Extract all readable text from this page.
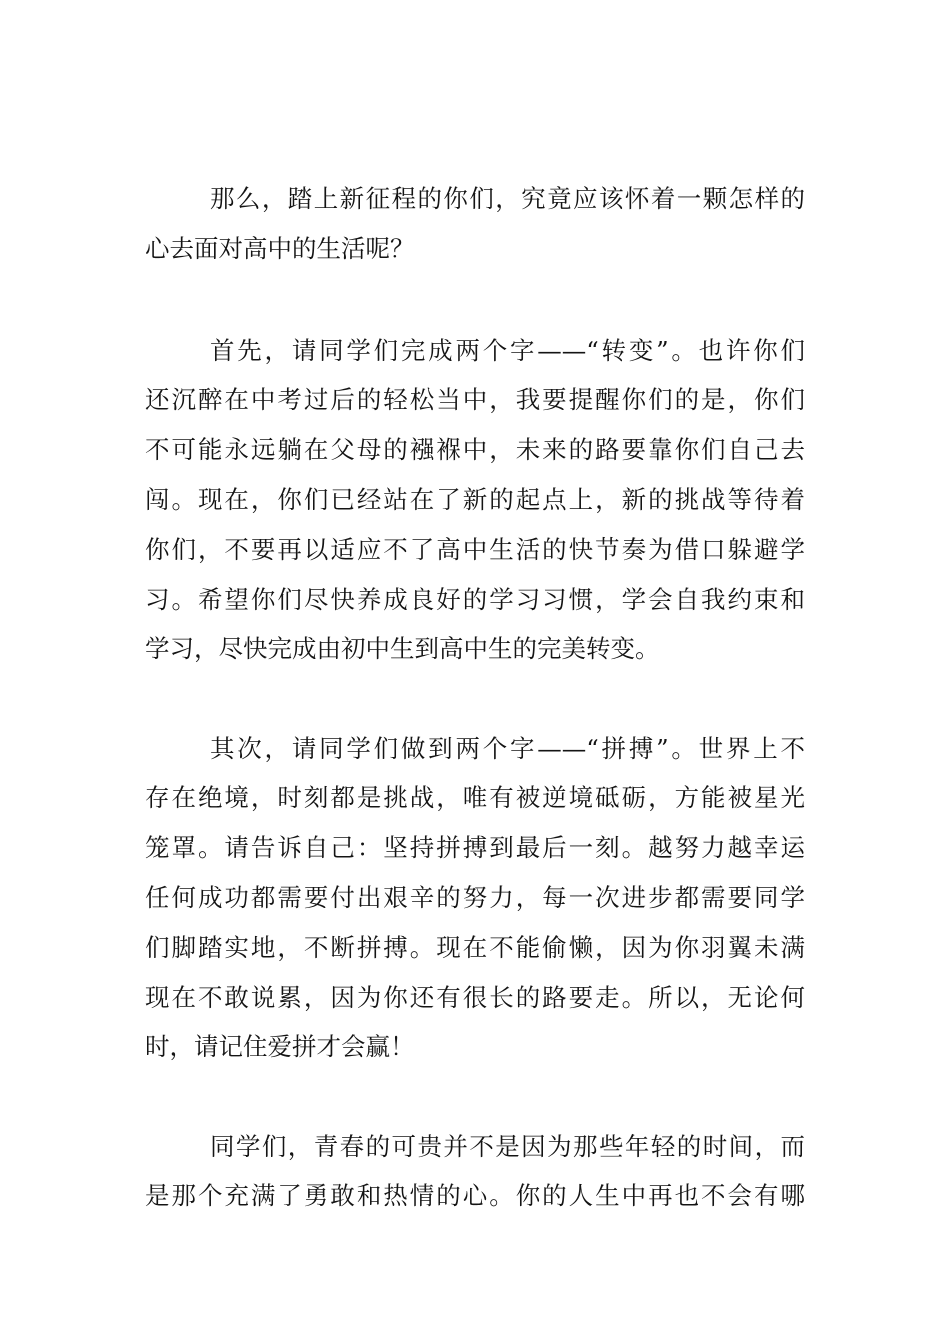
那么，踏上新征程的你们，究竟应该怀着一颗怎样的

心去面对高中的生活呢？

首先，请同学们完成两个字——“转变”。也许你们

还沉醉在中考过后的轻松当中，我要提醒你们的是，你们

不可能永远躺在父母的襁褓中，未来的路要靠你们自己去

闯。现在，你们已经站在了新的起点上，新的挑战等待着

你们，不要再以适应不了高中生活的快节奏为借口躲避学

习。希望你们尽快养成良好的学习习惯，学会自我约束和

学习，尽快完成由初中生到高中生的完美转变。

其次，请同学们做到两个字——“拼搏”。世界上不

存在绝境，时刻都是挑战，唯有被逆境砥砺，方能被星光

笼罩。请告诉自己：坚持拼搏到最后一刻。越努力越幸运

任何成功都需要付出艰辛的努力，每一次进步都需要同学

们脚踏实地，不断拼搏。现在不能偷懒，因为你羽翼未满

现在不敢说累，因为你还有很长的路要走。所以，无论何

时，请记住爱拼才会赢！

同学们，青春的可贵并不是因为那些年轻的时间，而

是那个充满了勇敢和热情的心。你的人生中再也不会有哪
